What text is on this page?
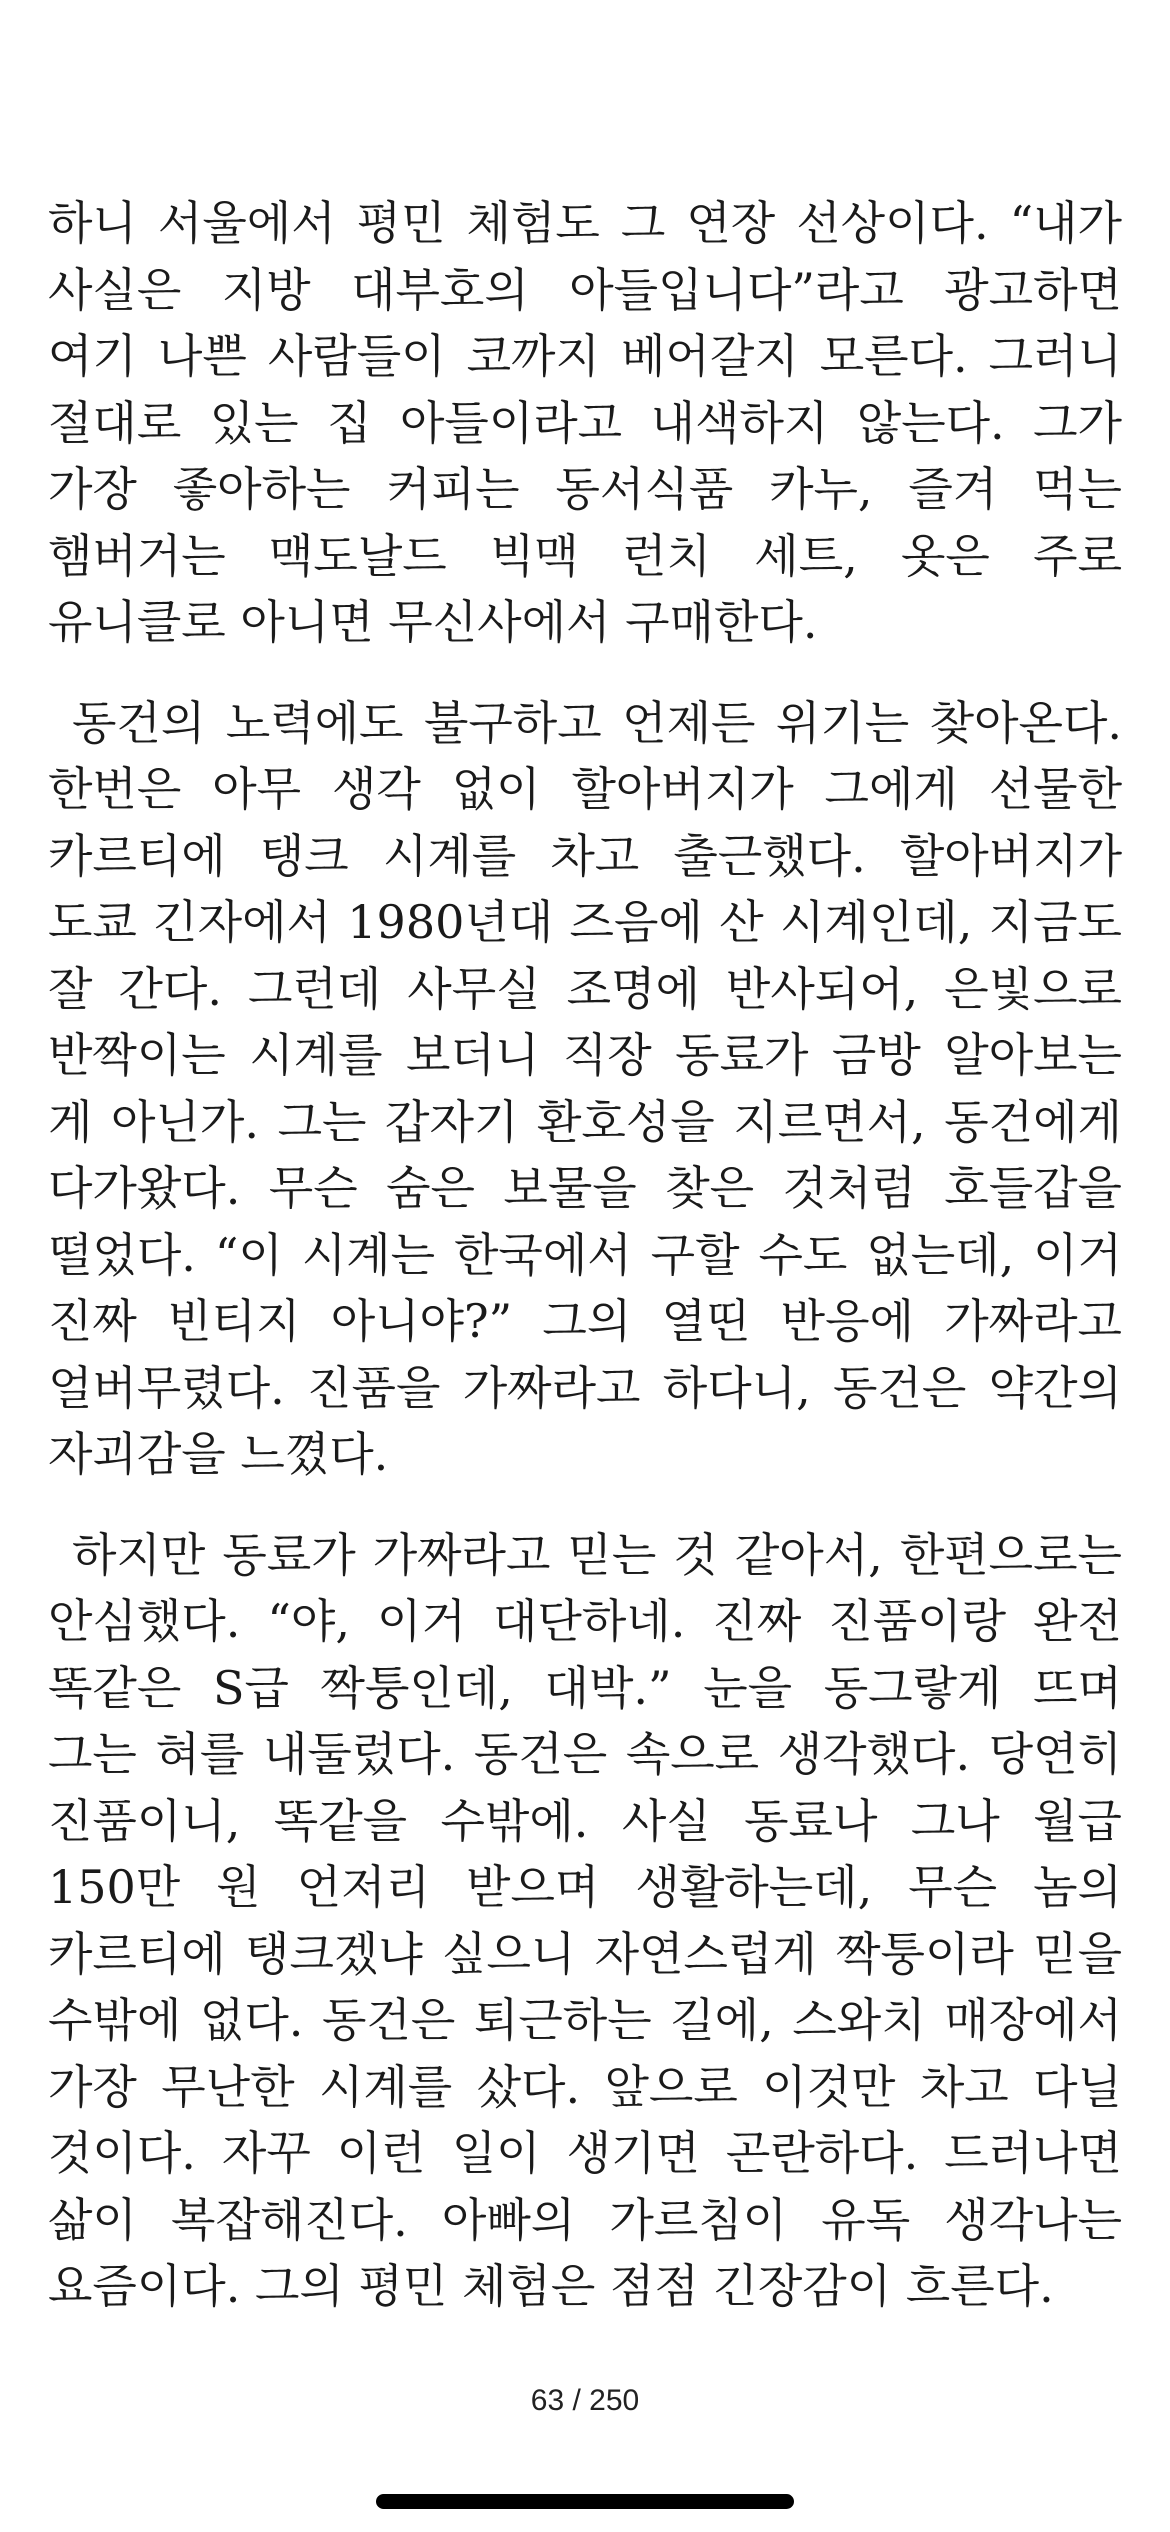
하니 서울에서 평민 체험도 그 연장 선상이다. “내가 사실은 지방 대부호의 아들입니다”라고 광고하면 여기 나쁜 사람들이 코까지 베어갈지 모른다. 그러니 절대로 있는 집 아들이라고 내색하지 않는다. 그가 가장 좋아하는 커피는 동서식품 카누, 즐겨 먹는 햄버거는 맥도날드 빅맥 런치 세트, 옷은 주로 유니클로 아니면 무신사에서 구매한다.

동건의 노력에도 불구하고 언제든 위기는 찾아온다. 한번은 아무 생각 없이 할아버지가 그에게 선물한 카르티에 탱크 시계를 차고 출근했다. 할아버지가 도쿄 긴자에서 1980년대 즈음에 산 시계인데, 지금도 잘 간다. 그런데 사무실 조명에 반사되어, 은빛으로 반짝이는 시계를 보더니 직장 동료가 금방 알아보는 게 아닌가. 그는 갑자기 환호성을 지르면서, 동건에게 다가왔다. 무슨 숨은 보물을 찾은 것처럼 호들갑을 떨었다. “이 시계는 한국에서 구할 수도 없는데, 이거 진짜 빈티지 아니야?” 그의 열띤 반응에 가짜라고 얼버무렸다. 진품을 가짜라고 하다니, 동건은 약간의 자괴감을 느꼈다.

하지만 동료가 가짜라고 믿는 것 같아서, 한편으로는 안심했다. “야, 이거 대단하네. 진짜 진품이랑 완전 똑같은 S급 짝퉁인데, 대박.” 눈을 동그랗게 뜨며 그는 혀를 내둘렀다. 동건은 속으로 생각했다. 당연히 진품이니, 똑같을 수밖에. 사실 동료나 그나 월급 150만 원 언저리 받으며 생활하는데, 무슨 놈의 카르티에 탱크겠냐 싶으니 자연스럽게 짝퉁이라 믿을 수밖에 없다. 동건은 퇴근하는 길에, 스와치 매장에서 가장 무난한 시계를 샀다. 앞으로 이것만 차고 다닐 것이다. 자꾸 이런 일이 생기면 곤란하다. 드러나면 삶이 복잡해진다. 아빠의 가르침이 유독 생각나는 요즘이다. 그의 평민 체험은 점점 긴장감이 흐른다.

63 / 250
